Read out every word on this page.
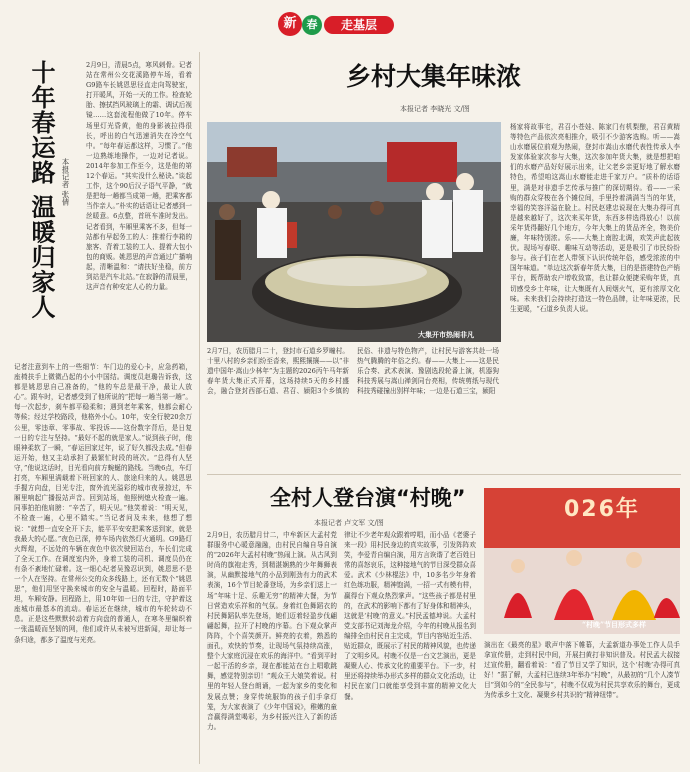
新 春	走基层
十年春运路 温暖归家人 本报记者 张倩
2月9日，清晨5点，寒风刺骨。记者站在常州公交花溪路停车场，看着G9路车长姚恩思径直走向驾驶室，打开暖风，开始一天的工作。检查轮胎、擦拭挡风玻璃上的霜、调试后视镜……这套流程他做了10年。停车场里灯光昏黄，他的身影被拉得很长，呼出的白气迅速消失在冷空气中。“每年春运都这样，习惯了。”他一边熟练地操作，一边对记者说。2014年参加工作至今，这是他的第12个春运。“其实没什么秘诀。”谈起工作，这个90后汉子语气平静，“就是把每一趟都当成第一趟，把乘客都当作亲人。”朴实的话语让记者感到一丝暖意。6点整，首班车准时发出。记者看到，车厢里乘客不多，但每一站都有早起务工的人：推着行李箱的旅客、背着工装的工人、提着大包小包的商贩。姚恩思的声音通过广播响起，清晰温和：“请扶好坐稳，前方到站是汽车北站。”在寂静的清晨里，这声音有种安定人心的力量。
记者注意到车上的一些细节：车门边的爱心卡，应急药箱，座椅扶手上微微凸起的小小中国结。调度员赵璐告诉我，这都是姚恩思自己准备的，“他的车总是最干净，最让人放心”。跟车时，记者感受到了他所说的“把每一趟当第一趟”。每一次起步，刹车都平稳柔和；遇到老年乘客，他都会耐心等候；经过学校路段，他格外小心。10年，安全行驶20余万公里，零违章、零事故、零投诉——这份数字背后，是日复一日的专注与坚持。“最好不起的就是家人。”说到孩子时，他眼神柔软了一瞬，“春运回家过年，说了好久都没去成。”但春运开始，他又主动承担了最繁忙时段的班次。“总得有人坚守，”他说这话时，目光看向前方蜿蜒的路线。当晚6点，车灯打亮，车厢里满载着下班回家的人、旅途归来的人。姚恩思手握方向盘，目光专注，窗外流光溢彩的城市夜景掠过，车厢里响起广播报站声音。回到站场，他照例熄火检查一遍。同事拍拍他肩膀：“辛苦了，明天见。”他笑着说：“明天见，不检查一遍，心里不踏实。”当记者问及未来，他想了想说：“就想一直安全开下去，能平平安安把乘客送到家，就是我最大的心愿。”夜色已深，停车场内依然灯火通明。G9路灯火辉煌，不远处的车辆在夜色中依次驶回站台，车长们完成了全天工作。在调度室内外，身着工装的司机、调度员仍在有条不紊地忙碌着。这一细心纪者吴豫忍识到，姚恩思不是一个人在坚持。在常州公交的众多线路上，还有无数个“姚恩思”，他们用坚守换来城市的安全与温暖。回程时，路面平坦，车厢安静。回程路上，用10年如一日的专注，守护着这座城市最基本的流动。春运还在继续，城市的车轮转动不息。正是这些默默转动着方向盘的普通人，在寒冬里编织着一张温暖而坚韧的网，他们或许从未被写进新闻，却让每一条归途，都多了温度与光亮。
乡村大集年味浓
本报记者 李晓光 文/图
大集开市热闹非凡
2月7日，农历腊月二十，登封市石道乡罗疃村。十里八村的乡亲们纷至沓来，熙熙攘攘——以“非遗中国年·嵩山少林年”为主题的2026丙午马年新春年货大集正式开幕，这场持续5天的乡村盛会，融合登封西部石道、君召、颍阳3个乡镇的民俗、非遗与特色物产，让村民与游客共赴一场热气腾腾的年俗之约。春——大集上——这是民乐合奏、武术表演、豫剧选段轮番上演，机器狗科技秀展与嵩山禅剑同台亮相，传统剪纸与现代科技秀碰撞出别样年味；一边是石道三宝，颍阳
杨家将故事宅，君召小苍娃、陈家门有机梨酿，君召黄精等特色产品依次亮相推介，吸引不少游客选购。听——嵩山水磨展位前观为热闹，登封市嵩山水磨代表性传承人李发家体验家次参与大集，这次参加年货大集，就是想把咱们的水磨产品好好展示出来，让父老乡亲更好地了解水磨特色，希望咱这嵩山水磨能走进千家万户。“质朴的话语里，满是对非遗手艺传承与推广的深切期待。看——一采购的群众穿梭在各个摊位间，手里拎着满满当当的年货，幸福的笑容洋溢在脸上。村民赵建忠说现在大集办得可真是越来越好了，这次来买年货，东西多样选得放心！以前采年货得翻好几个地方，今年大集上的货品齐全，物美价廉，年味特别浓。乐——大集上南腔北调，欢笑声此起彼伏。现场写春联、趣味互动等活动，更是吸引了市民纷纷参与。孩子们在老人带领下认识传统年俗，感受浓浓的中国年味道。“单边这次新春年货大集，目的是搭建特色产销平台，既帮助农户增收致富，也让群众便捷采购年货，真切感受乡土年味，让大集既有人间烟火气，更有浓厚文化味。未来我们会持续打造这一特色品牌，让年味更浓，民生更暖，“石道乡负责人说。
全村人登台演“村晚”
本报记者 卢文军 文/图
026年
“村晚”节目形式多样
2月9日，农历腊月廿二，中牟新区大孟村党群服务中心暖意融融，由村民自编自导自演的“2026年大孟村村晚”热闹上演。从古风到时尚的旗袍走秀，到精湛娴熟的少年舞狮表演，从幽默接地气的小品到刚劲有力的武术表演，16个节目轮番登场，为乡亲们送上一场“年味十足、乐趣无穷”的精神大餐，为节日营造欢乐祥和的气氛。身着红色舞蹈衣的村民舞蹈队率先登场，她们迈着轻盈步伐翩翩起舞，拉开了村晚的序幕。台下观众掌声阵阵，个个喜笑颜开。鲜亮的衣着，熟悉的面孔，欢快的节奏，让现场气氛持续高涨，整个大家庭沉浸在欢乐的海洋中。“看到平时一起干活的乡亲，现在都能站在台上唱歌跳舞，感觉特别亲切！”观众王大娘笑着说。村里的年轻人登台朗诵，一起为家乡的变化和发展点赞；身穿传统服饰的孩子们手拿灯笼，为大家表演了《少年中国说》，稚嫩的童音赢得满堂喝彩，为乡村振兴注入了新的活力。
律让不少老年观众跟着哼唱，而小品《老婆子来一段》用村民身边的真实故事，引发阵阵欢笑，李爱青自编自演，用方言诙谐了老百姓日常的喜怒哀乐，这种接地气的节目深受群众喜爱。武术《少林棍法》中，10多名少年身着红色练功服，精神饱满，一招一式有模有样，赢得台下观众热烈掌声。“这些孩子都是村里的，在武术的影响下都有了好身体和精神头，这就是‘村晚’的意义。”村民孟德坤说。大孟村党支部书记刘海龙介绍，今年的村晚从报名到编排全由村民自主完成，节目内容贴近生活、贴近群众，既展示了村民的精神风貌，也传递了文明乡风。村晚不仅是一台文艺演出，更是凝聚人心、传承文化的重要平台。下一步，村里还将持续举办形式多样的群众文化活动，让村民在家门口就能享受到丰富的精神文化大餐。
演出在《最亮的星》歌声中落下帷幕，大孟新道办事处工作人员手拿宣传册，走到村民中间，开展扫黄打非知识普及。村民孟大叔接过宣传册，翻看着说：“看了节目又学了知识，这个‘村晚’办得可真好！”据了解，大孟村已连续3年举办“村晚”，从最初的“几个人凑节目”到如今的“全民参与”，村晚不仅成为村民共享欢乐的舞台，更成为传承乡土文化、凝聚乡村共识的“精神纽带”。
